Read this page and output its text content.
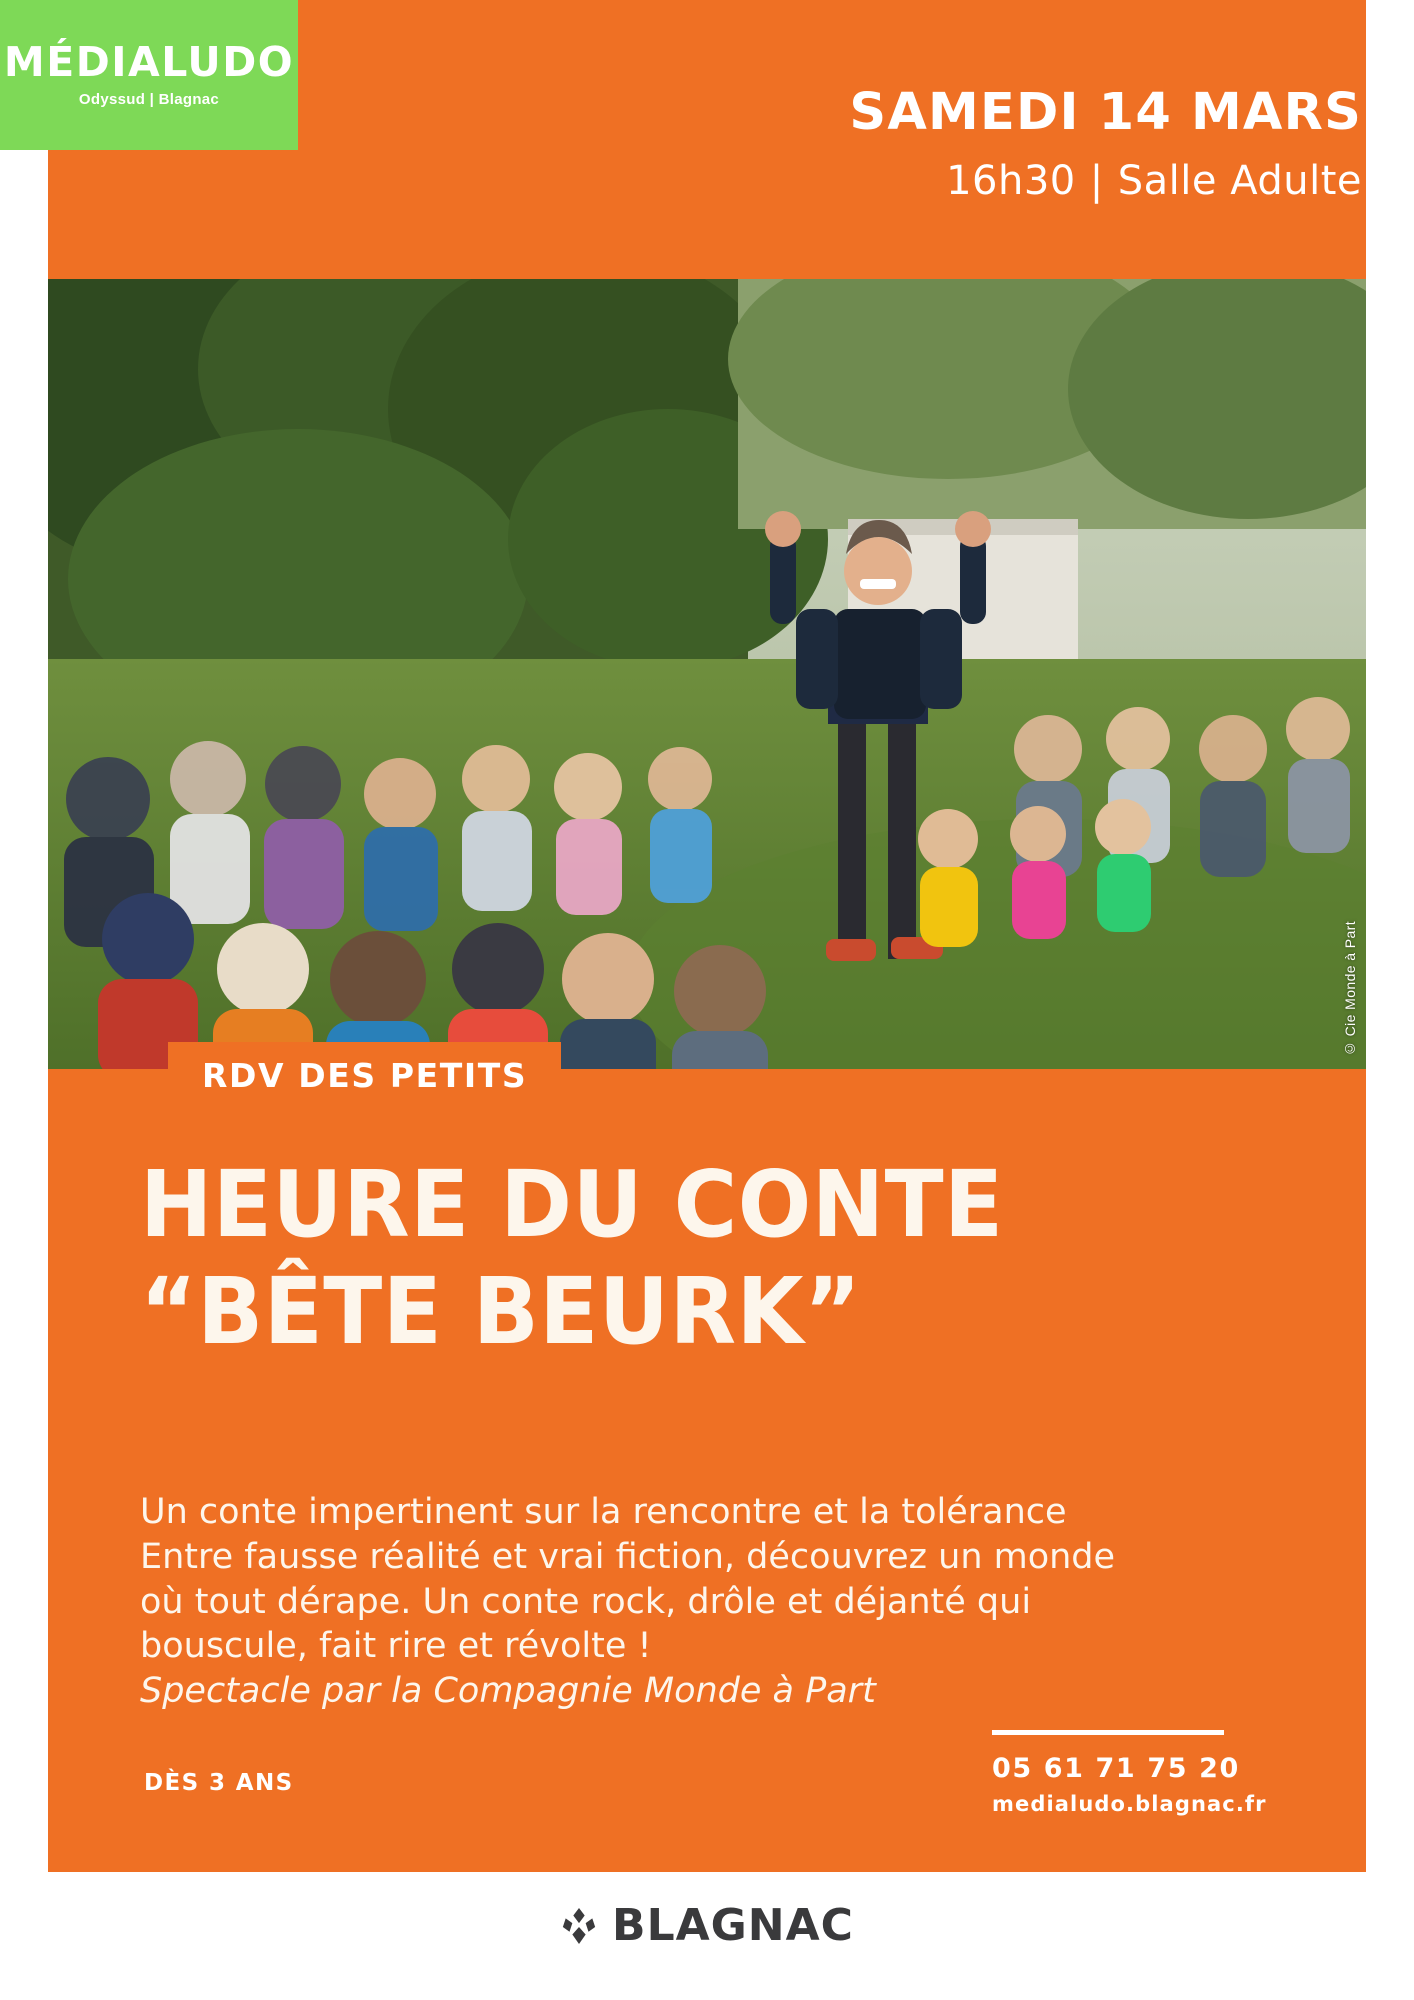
MÉDIALUDO
Odyssud | Blagnac	SAMEDI 14 MARS
16h30 | Salle Adulte
© Cie Monde à Part
RDV DES PETITS
HEURE DU CONTE
“BÊTE BEURK”
Un conte impertinent sur la rencontre et la tolérance
Entre fausse réalité et vrai fiction, découvrez un monde
où tout dérape. Un conte rock, drôle et déjanté qui
bouscule, fait rire et révolte !
Spectacle par la Compagnie Monde à Part
DÈS 3 ANS	05 61 71 75 20
medialudo.blagnac.fr
BLAGNAC
